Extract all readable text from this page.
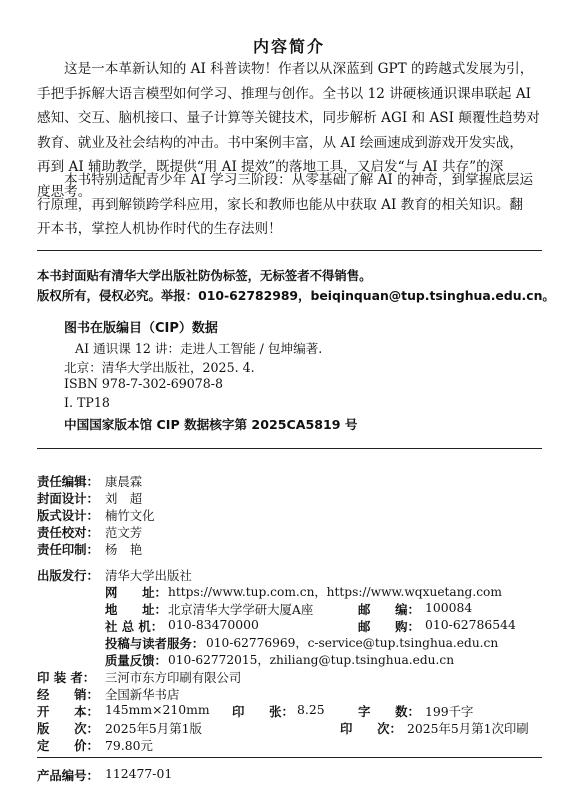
内容简介
这是一本革新认知的 AI 科普读物！作者以从深蓝到 GPT 的跨越式发展为引，
手把手拆解大语言模型如何学习、推理与创作。全书以 12 讲硬核通识课串联起 AI
感知、交互、脑机接口、量子计算等关键技术，同步解析 AGI 和 ASI 颠覆性趋势对
教育、就业及社会结构的冲击。书中案例丰富，从 AI 绘画速成到游戏开发实战，
再到 AI 辅助教学，既提供“用 AI 提效”的落地工具，又启发“与 AI 共存”的深
度思考。
本书特别适配青少年 AI 学习三阶段：从零基础了解 AI 的神奇，到掌握底层运
行原理，再到解锁跨学科应用，家长和教师也能从中获取 AI 教育的相关知识。翻
开本书，掌控人机协作时代的生存法则！
本书封面贴有清华大学出版社防伪标签，无标签者不得销售。
版权所有，侵权必究。举报：010-62782989，beiqinquan@tup.tsinghua.edu.cn。
图书在版编目（CIP）数据
AI 通识课 12 讲：走进人工智能 / 包坤编著.
北京：清华大学出版社，2025. 4.
ISBN 978-7-302-69078-8
Ⅰ. TP18
中国国家版本馆 CIP 数据核字第 2025CA5819 号
责任编辑： 康晨霖
封面设计： 刘　超
版式设计： 楠竹文化
责任校对： 范文芳
责任印制： 杨　艳
出版发行： 清华大学出版社
网　　址： https://www.tup.com.cn，https://www.wqxuetang.com
地　　址： 北京清华大学学研大厦A座	邮　　编： 100084
社 总 机： 010-83470000	邮　　购： 010-62786544
投稿与读者服务： 010-62776969，c-service@tup.tsinghua.edu.cn
质量反馈： 010-62772015，zhiliang@tup.tsinghua.edu.cn
印 装 者： 三河市东方印刷有限公司
经　　销： 全国新华书店
开　　本： 145mm×210mm 印　　张： 8.25	字　　数： 199千字
版　　次： 2025年5月第1版	印　　次： 2025年5月第1次印刷
定　　价： 79.80元
产品编号： 112477-01
